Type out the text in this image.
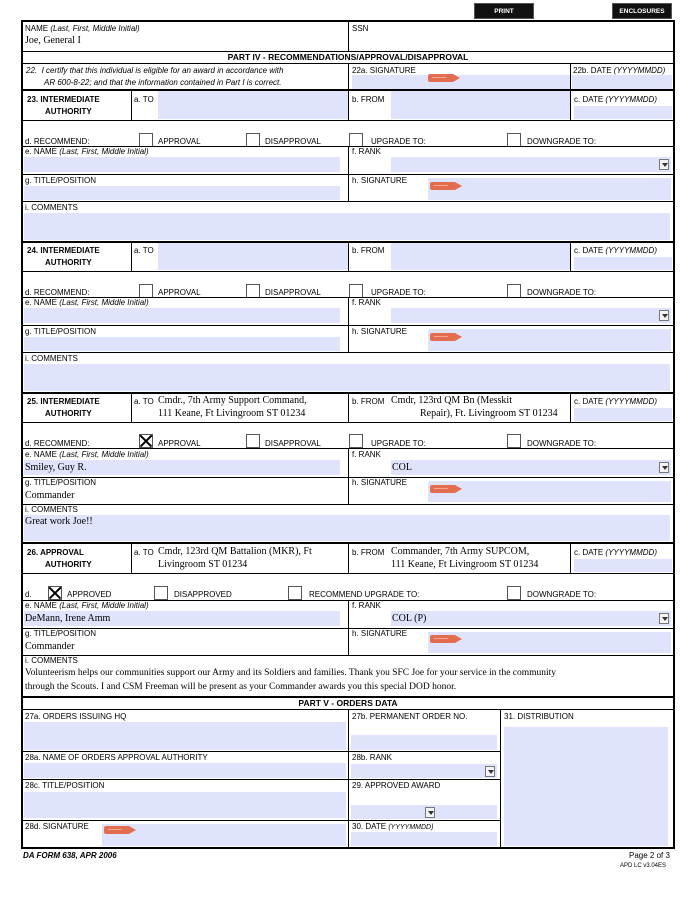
PRINT	ENCLOSURES
NAME (Last, First, Middle Initial)
Joe, General I
SSN
PART IV - RECOMMENDATIONS/APPROVAL/DISAPPROVAL
22. I certify that this individual is eligible for an award in accordance with
AR 600-8-22; and that the information contained in Part I is correct.
22a. SIGNATURE	22b. DATE (YYYYMMDD)
23. INTERMEDIATE
AUTHORITY
a. TO	b. FROM	c. DATE (YYYYMMDD)
d. RECOMMEND:	APPROVAL	DISAPPROVAL	UPGRADE TO:	DOWNGRADE TO:
e. NAME (Last, First, Middle Initial)	f. RANK
g. TITLE/POSITION	h. SIGNATURE
i. COMMENTS
24. INTERMEDIATE
AUTHORITY
a. TO	b. FROM	c. DATE (YYYYMMDD)
d. RECOMMEND:	APPROVAL	DISAPPROVAL	UPGRADE TO:	DOWNGRADE TO:
e. NAME (Last, First, Middle Initial)	f. RANK
g. TITLE/POSITION	h. SIGNATURE
i. COMMENTS
25. INTERMEDIATE
AUTHORITY
a. TO Cmdr., 7th Army Support Command,
111 Keane, Ft Livingroom ST 01234
b. FROM Cmdr, 123rd QM Bn (Messkit
Repair), Ft. Livingroom ST 01234
c. DATE (YYYYMMDD)
d. RECOMMEND:	APPROVAL	DISAPPROVAL	UPGRADE TO:	DOWNGRADE TO:
e. NAME (Last, First, Middle Initial)
Smiley, Guy R.
f. RANK
COL
g. TITLE/POSITION
Commander
h. SIGNATURE
i. COMMENTS
Great work Joe!!
26. APPROVAL
AUTHORITY
a. TO Cmdr, 123rd QM Battalion (MKR), Ft
Livingroom ST 01234
b. FROM Commander, 7th Army SUPCOM,
111 Keane, Ft Livingroom ST 01234
c. DATE (YYYYMMDD)
d.	APPROVED	DISAPPROVED	RECOMMEND UPGRADE TO:	DOWNGRADE TO:
e. NAME (Last, First, Middle Initial)
DeMann, Irene Amm
f. RANK
COL (P)
g. TITLE/POSITION
Commander
h. SIGNATURE
i. COMMENTS
Volunteerism helps our communities support our Army and its Soldiers and families. Thank you SFC Joe for your service in the community
through the Scouts. I and CSM Freeman will be present as your Commander awards you this special DOD honor.
PART V - ORDERS DATA
27a. ORDERS ISSUING HQ	27b. PERMANENT ORDER NO.	31. DISTRIBUTION
28a. NAME OF ORDERS APPROVAL AUTHORITY	28b. RANK
28c. TITLE/POSITION	29. APPROVED AWARD
28d. SIGNATURE	30. DATE (YYYYMMDD)
DA FORM 638, APR 2006	Page 2 of 3
APD LC v3.04ES
